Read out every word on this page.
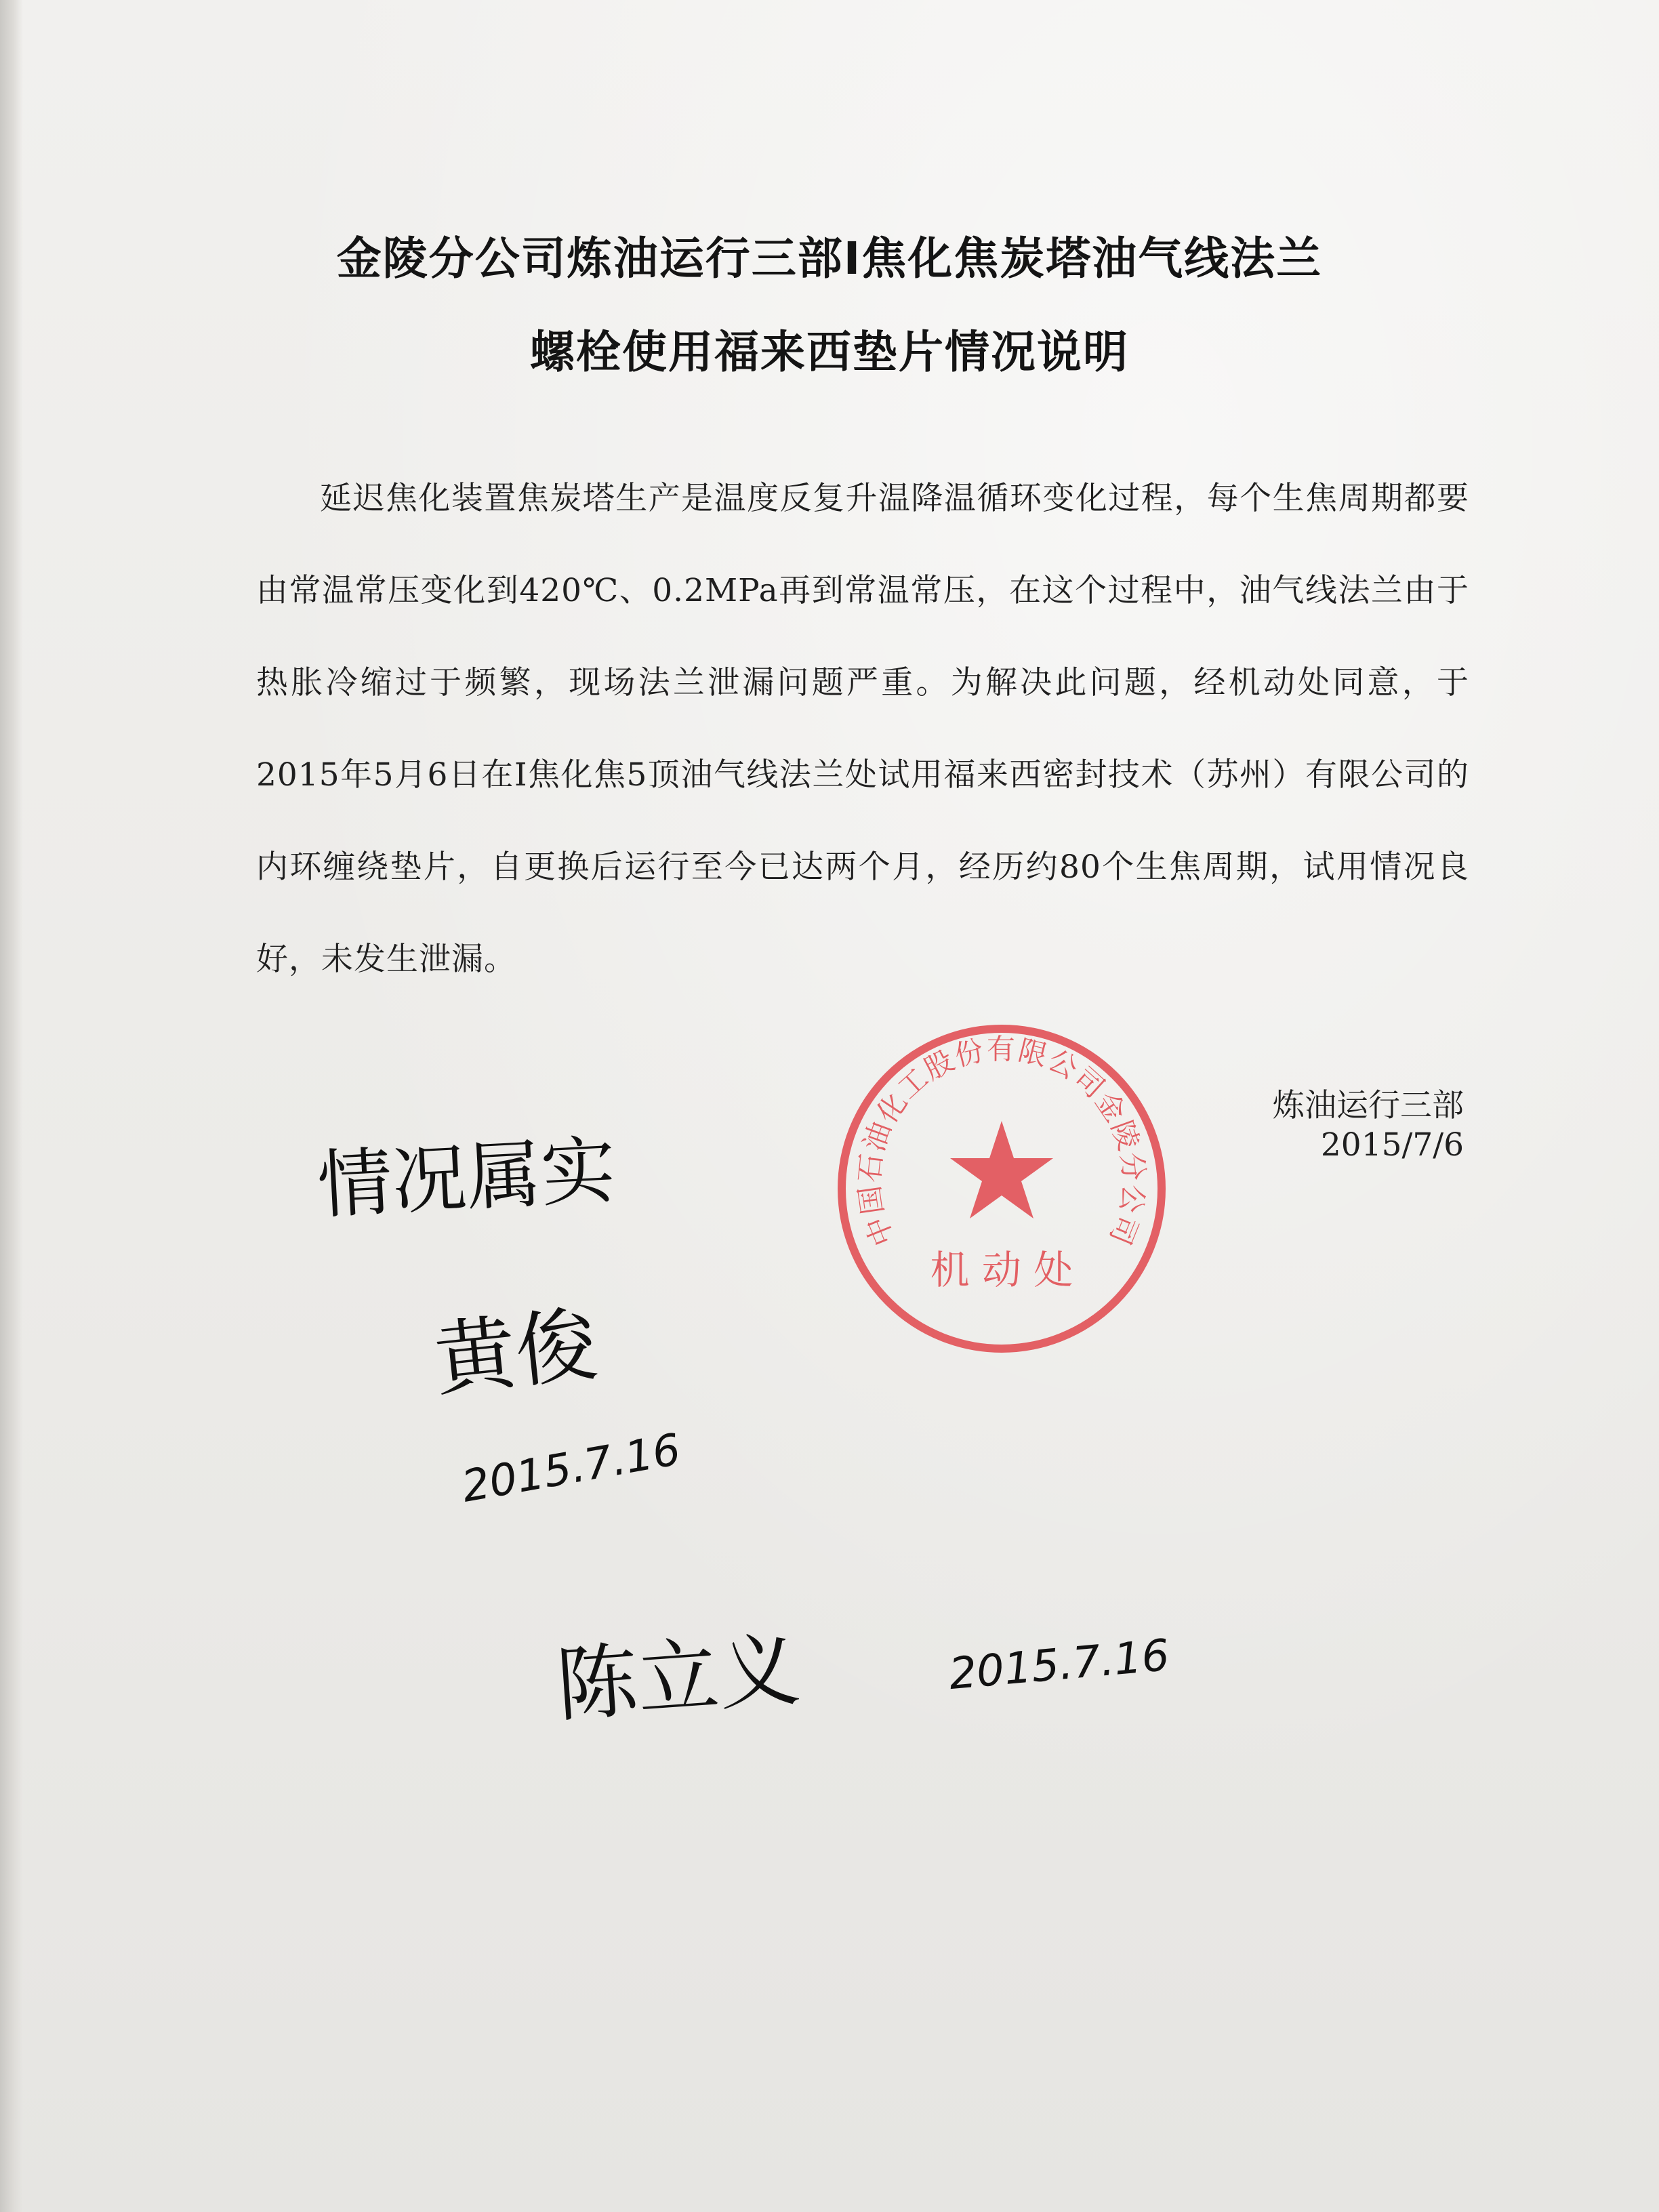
金陵分公司炼油运行三部Ⅰ焦化焦炭塔油气线法兰
螺栓使用福来西垫片情况说明
延迟焦化装置焦炭塔生产是温度反复升温降温循环变化过程，每个生焦周期都要由常温常压变化到420℃、0.2MPa再到常温常压，在这个过程中，油气线法兰由于热胀冷缩过于频繁，现场法兰泄漏问题严重。为解决此问题，经机动处同意，于2015年5月6日在Ⅰ焦化焦5顶油气线法兰处试用福来西密封技术（苏州）有限公司的内环缠绕垫片，自更换后运行至今已达两个月，经历约80个生焦周期，试用情况良好，未发生泄漏。
炼油运行三部
2015/7/6
中国石油化工股份有限公司金陵分公司
机 动 处
情况属实
黄俊
2015.7.16
陈立义	2015.7.16
